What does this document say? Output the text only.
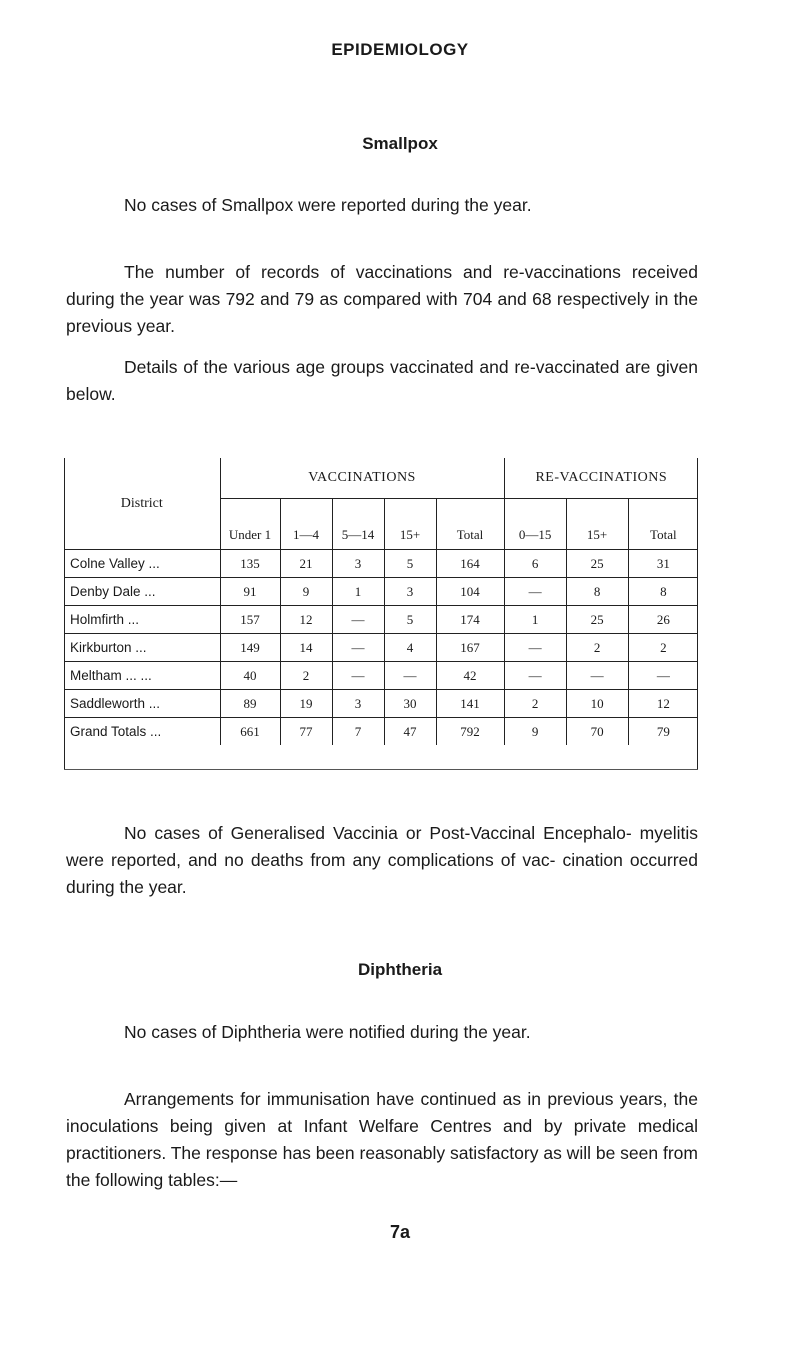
EPIDEMIOLOGY
Smallpox
No cases of Smallpox were reported during the year.
The number of records of vaccinations and re-vaccinations received during the year was 792 and 79 as compared with 704 and 68 respectively in the previous year.
Details of the various age groups vaccinated and re-vaccinated are given below.
District	VACCINATIONS					RE-VACCINATIONS		
	Under 1	1—4	5—14	15+	Total	0—15	15+	Total
Colne Valley ...	135	21	3	5	164	6	25	31
Denby Dale ...	91	9	1	3	104	—	8	8
Holmfirth ...	157	12	—	5	174	1	25	26
Kirkburton ...	149	14	—	4	167	—	2	2
Meltham ... ...	40	2	—	—	42	—	—	—
Saddleworth ...	89	19	3	30	141	2	10	12
Grand Totals ...	661	77	7	47	792	9	70	79
No cases of Generalised Vaccinia or Post-Vaccinal Encephalo- myelitis were reported, and no deaths from any complications of vac- cination occurred during the year.
Diphtheria
No cases of Diphtheria were notified during the year.
Arrangements for immunisation have continued as in previous years, the inoculations being given at Infant Welfare Centres and by private medical practitioners. The response has been reasonably satisfactory as will be seen from the following tables:—
7a
